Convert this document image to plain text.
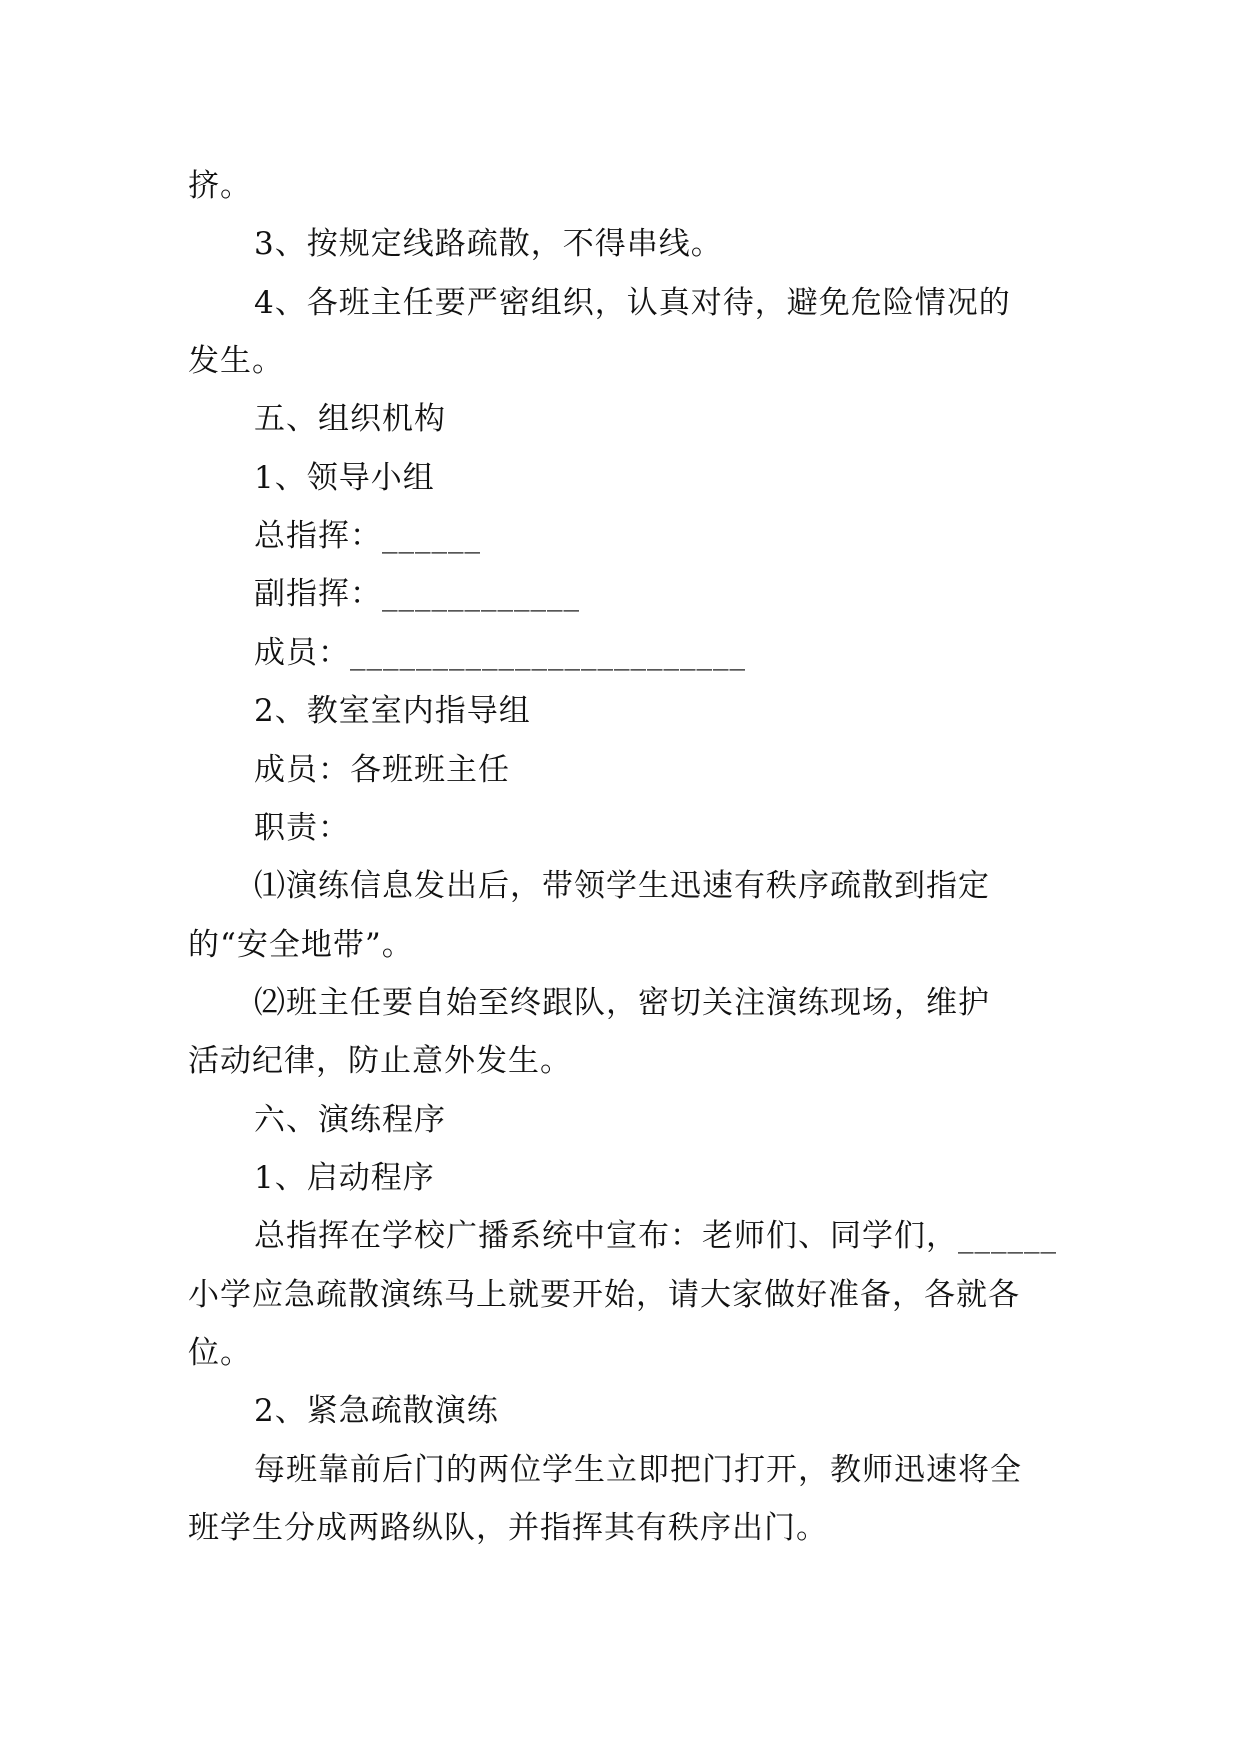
挤。
3、按规定线路疏散，不得串线。
4、各班主任要严密组织，认真对待，避免危险情况的
发生。
五、组织机构
1、领导小组
总指挥：______
副指挥：____________
成员：________________________
2、教室室内指导组
成员：各班班主任
职责：
⑴演练信息发出后，带领学生迅速有秩序疏散到指定
的“安全地带”。
⑵班主任要自始至终跟队，密切关注演练现场，维护
活动纪律，防止意外发生。
六、演练程序
1、启动程序
总指挥在学校广播系统中宣布：老师们、同学们，______
小学应急疏散演练马上就要开始，请大家做好准备，各就各
位。
2、紧急疏散演练
每班靠前后门的两位学生立即把门打开，教师迅速将全
班学生分成两路纵队，并指挥其有秩序出门。
